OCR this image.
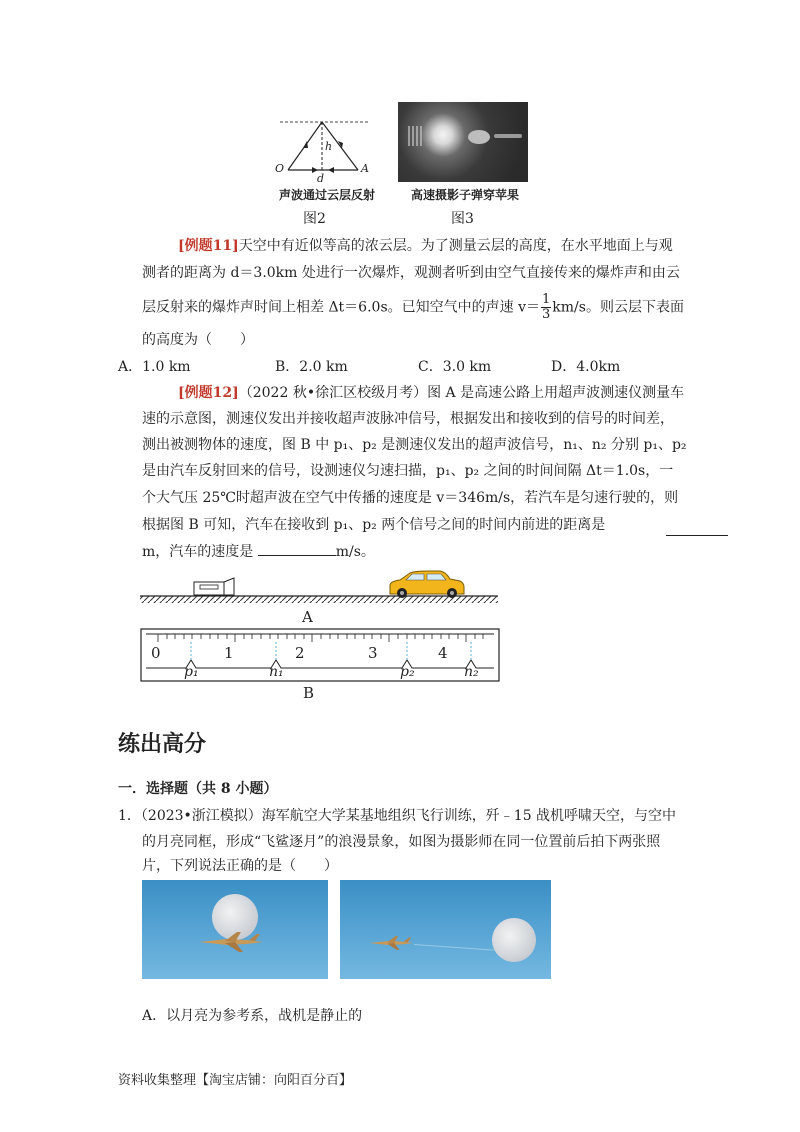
O	A
h
d
声波通过云层反射	高速摄影子弹穿苹果
图2	图3
[例题11]天空中有近似等高的浓云层。为了测量云层的高度，在水平地面上与观
测者的距离为 d＝3.0km 处进行一次爆炸，观测者听到由空气直接传来的爆炸声和由云
层反射来的爆炸声时间上相差 Δt＝6.0s。已知空气中的声速 $v= \frac{1}{3} km/s$。则云层下表面
的高度为（　　）
A．1.0 km	B．2.0 km	C．3.0 km	D．4.0km
[例题12]（2022 秋•徐汇区校级月考）图 A 是高速公路上用超声波测速仪测量车
速的示意图，测速仪发出并接收超声波脉冲信号，根据发出和接收到的信号的时间差，
测出被测物体的速度，图 B 中 p₁、p₂ 是测速仪发出的超声波信号，n₁、n₂ 分别 p₁、p₂
是由汽车反射回来的信号，设测速仪匀速扫描，p₁、p₂ 之间的时间间隔 Δt＝1.0s，一
个大气压 25℃时超声波在空气中传播的速度是 v＝346m/s，若汽车是匀速行驶的，则
根据图 B 可知，汽车在接收到 p₁、p₂ 两个信号之间的时间内前进的距离是
m，汽车的速度是	m/s。
A
0	1	2	3	4
p₁	n₁	p₂	n₂
B
练出高分
一．选择题（共 8 小题）
1．（2023•浙江模拟）海军航空大学某基地组织飞行训练，歼﹣15 战机呼啸天空，与空中
的月亮同框，形成“飞鲨逐月”的浪漫景象，如图为摄影师在同一位置前后拍下两张照
片，下列说法正确的是（　　）
A．以月亮为参考系，战机是静止的
资料收集整理【淘宝店铺：向阳百分百】
